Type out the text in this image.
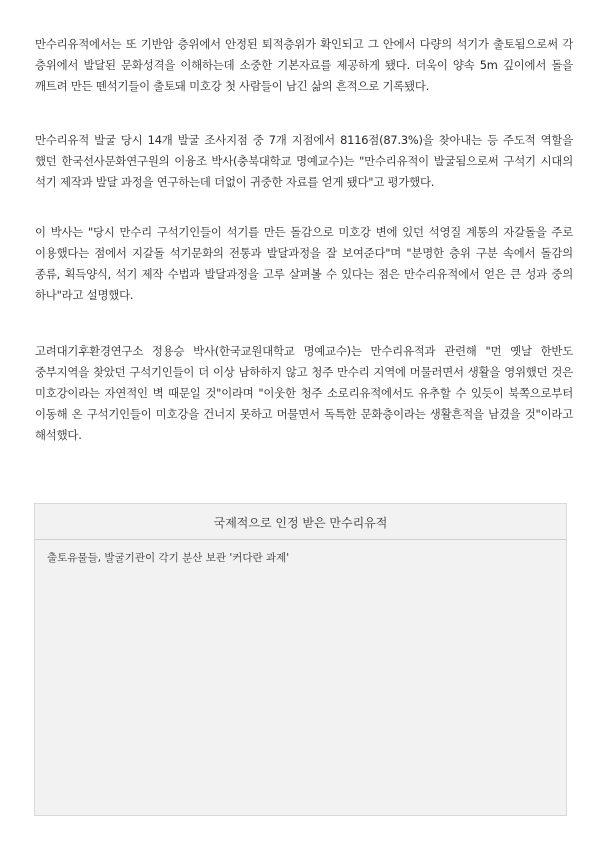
만수리유적에서는 또 기반암 층위에서 안정된 퇴적층위가 확인되고 그 안에서 다량의 석기가 출토됨으로써 각 층위에서 발달된 문화성격을 이해하는데 소중한 기본자료를 제공하게 됐다. 더욱이 양속 5m 깊이에서 돌을 깨트려 만든 뗀석기들이 출토돼 미호강 첫 사람들이 남긴 삶의 흔적으로 기록됐다.

만수리유적 발굴 당시 14개 발굴 조사지점 중 7개 지점에서 8116점(87.3%)을 찾아내는 등 주도적 역할을 했던 한국선사문화연구원의 이융조 박사(충북대학교 명예교수)는 "만수리유적이 발굴됨으로써 구석기 시대의 석기 제작과 발달 과정을 연구하는데 더없이 귀중한 자료를 얻게 됐다"고 평가했다.

이 박사는 "당시 만수리 구석기인들이 석기를 만든 돌감으로 미호강 변에 있던 석영질 계통의 자갈돌을 주로 이용했다는 점에서 지갈돌 석기문화의 전통과 발달과정을 잘 보여준다"며 "분명한 층위 구분 속에서 돌감의 종류, 획득양식, 석기 제작 수법과 발달과정을 고루 살펴볼 수 있다는 점은 만수리유적에서 얻은 큰 성과 중의 하나"라고 설명했다.

고려대기후환경연구소 정용승 박사(한국교원대학교 명예교수)는 만수리유적과 관련해 "먼 옛날 한반도 중부지역을 찾았던 구석기인들이 더 이상 남하하지 않고 청주 만수리 지역에 머물러면서 생활을 영위했던 것은 미호강이라는 자연적인 벽 때문일 것"이라며 "이웃한 청주 소로리유적에서도 유추할 수 있듯이 북쪽으로부터 이동해 온 구석기인들이 미호강을 건너지 못하고 머물면서 독특한 문화층이라는 생활흔적을 남겼을 것"이라고 해석했다.

국제적으로 인정 받은 만수리유적
출토유물들, 발굴기관이 각기 분산 보관 '커다란 과제'
